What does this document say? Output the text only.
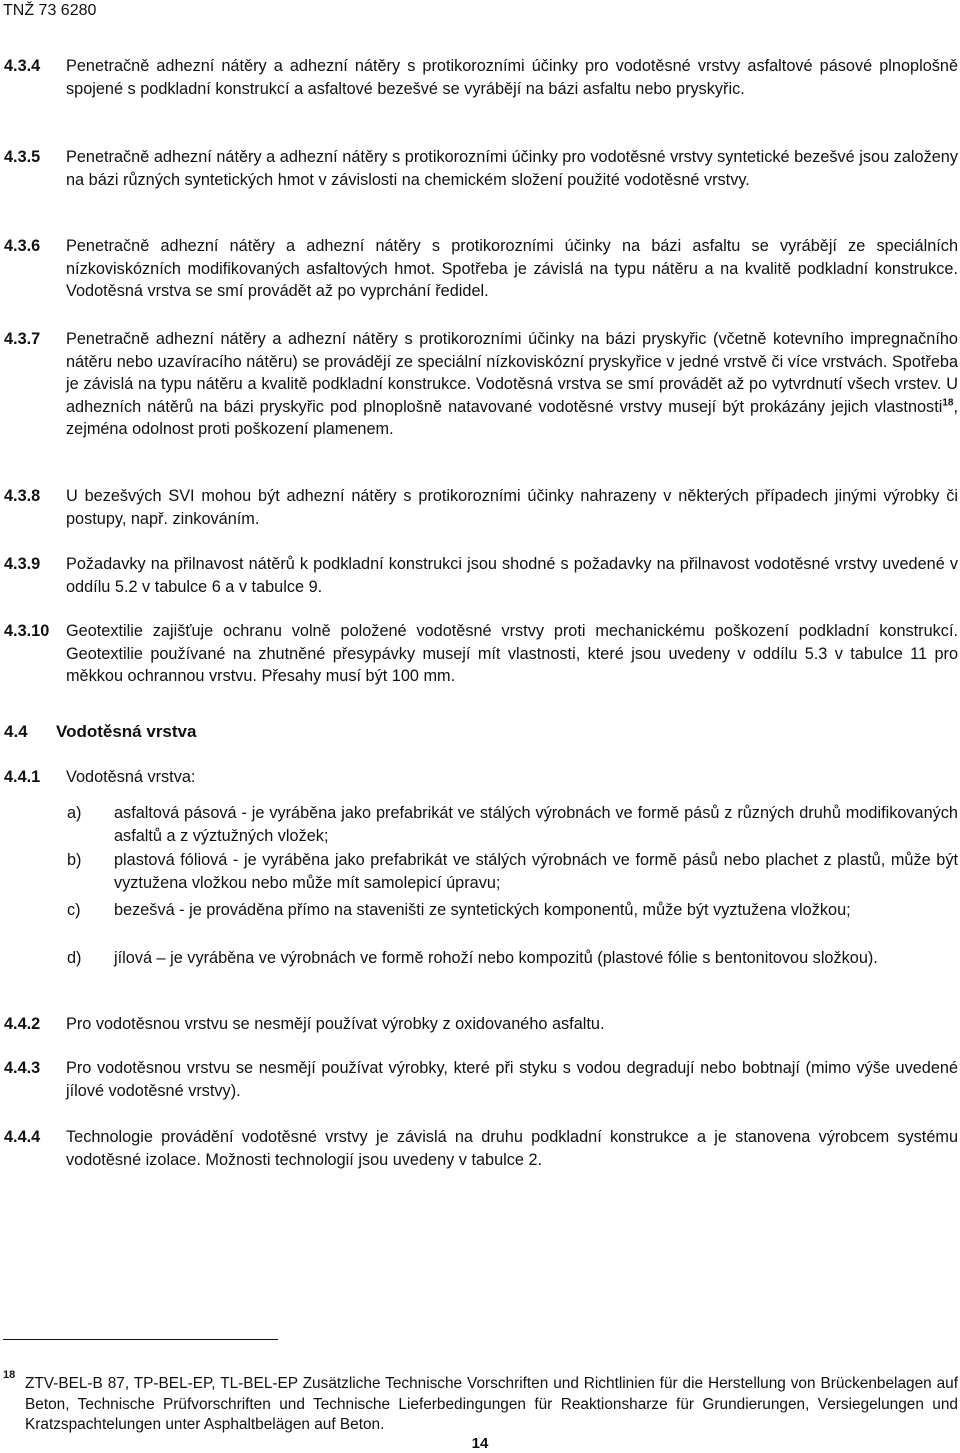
TNŽ 73 6280
4.3.4	Penetračně adhezní nátěry a adhezní nátěry s protikorozními účinky pro vodotěsné vrstvy asfaltové pásové plnoplošně spojené s podkladní konstrukcí a asfaltové bezešvé se vyrábějí na bázi asfaltu nebo pryskyřic.
4.3.5	Penetračně adhezní nátěry a adhezní nátěry s protikorozními účinky pro vodotěsné vrstvy syntetické bezešvé jsou založeny na bázi různých syntetických hmot v závislosti na chemickém složení použité vodotěsné vrstvy.
4.3.6	Penetračně adhezní nátěry a adhezní nátěry s protikorozními účinky na bázi asfaltu se vyrábějí ze speciálních nízkoviskózních modifikovaných asfaltových hmot. Spotřeba je závislá na typu nátěru a na kvalitě podkladní konstrukce. Vodotěsná vrstva se smí provádět až po vyprchání ředidel.
4.3.7	Penetračně adhezní nátěry a adhezní nátěry s protikorozními účinky na bázi pryskyřic (včetně kotevního impregnačního nátěru nebo uzavíracího nátěru) se provádějí ze speciální nízkoviskózní pryskyřice v jedné vrstvě či více vrstvách. Spotřeba je závislá na typu nátěru a kvalitě podkladní konstrukce. Vodotěsná vrstva se smí provádět až po vytvrdnutí všech vrstev. U adhezních nátěrů na bázi pryskyřic pod plnoplošně natavované vodotěsné vrstvy musejí být prokázány jejich vlastnosti$^{18}$, zejména odolnost proti poškození plamenem.
4.3.8	U bezešvých SVI mohou být adhezní nátěry s protikorozními účinky nahrazeny v některých případech jinými výrobky či postupy, např. zinkováním.
4.3.9	Požadavky na přilnavost nátěrů k podkladní konstrukci jsou shodné s požadavky na přilnavost vodotěsné vrstvy uvedené v oddílu 5.2 v tabulce 6 a v tabulce 9.
4.3.10	Geotextilie zajišťuje ochranu volně položené vodotěsné vrstvy proti mechanickému poškození podkladní konstrukcí. Geotextilie používané na zhutněné přesypávky musejí mít vlastnosti, které jsou uvedeny v oddílu 5.3 v tabulce 11 pro měkkou ochrannou vrstvu. Přesahy musí být 100 mm.
4.4	Vodotěsná vrstva
4.4.1	Vodotěsná vrstva:
a)	asfaltová pásová - je vyráběna jako prefabrikát ve stálých výrobnách ve formě pásů z různých druhů modifikovaných asfaltů a z výztužných vložek;
b)	plastová fóliová - je vyráběna jako prefabrikát ve stálých výrobnách ve formě pásů nebo plachet z plastů, může být vyztužena vložkou nebo může mít samolepicí úpravu;
c)	bezešvá - je prováděna přímo na staveništi ze syntetických komponentů, může být vyztužena vložkou;
d)	jílová – je vyráběna ve výrobnách ve formě rohoží nebo kompozitů (plastové fólie s bentonitovou složkou).
4.4.2	Pro vodotěsnou vrstvu se nesmějí používat výrobky z oxidovaného asfaltu.
4.4.3	Pro vodotěsnou vrstvu se nesmějí používat výrobky, které při styku s vodou degradují nebo bobtnají (mimo výše uvedené jílové vodotěsné vrstvy).
4.4.4	Technologie provádění vodotěsné vrstvy je závislá na druhu podkladní konstrukce a je stanovena výrobcem systému vodotěsné izolace. Možnosti technologií jsou uvedeny v tabulce 2.
18 ZTV-BEL-B 87, TP-BEL-EP, TL-BEL-EP Zusätzliche Technische Vorschriften und Richtlinien für die Herstellung von Brückenbelagen auf Beton, Technische Prüfvorschriften und Technische Lieferbedingungen für Reaktionsharze für Grundierungen, Versiegelungen und Kratzspachtelungen unter Asphaltbelägen auf Beton.
14
